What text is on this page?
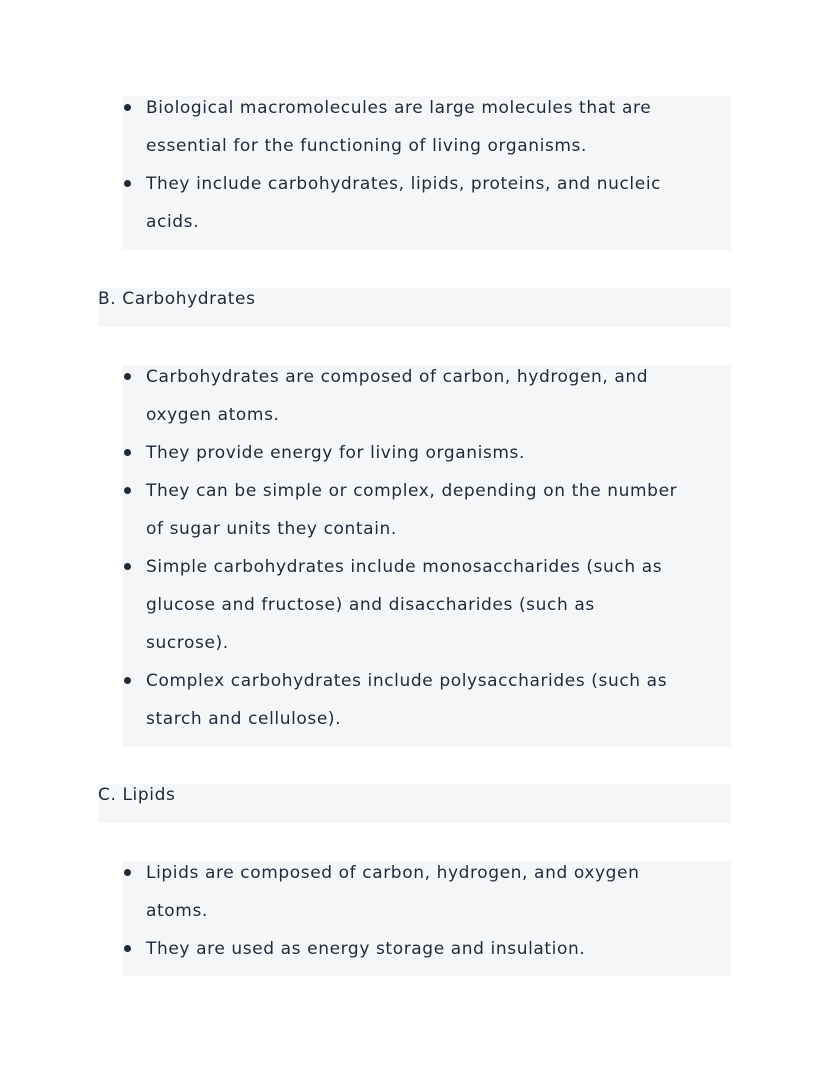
Biological macromolecules are large molecules that are
essential for the functioning of living organisms.
They include carbohydrates, lipids, proteins, and nucleic
acids.
B. Carbohydrates
Carbohydrates are composed of carbon, hydrogen, and
oxygen atoms.
They provide energy for living organisms.
They can be simple or complex, depending on the number
of sugar units they contain.
Simple carbohydrates include monosaccharides (such as
glucose and fructose) and disaccharides (such as
sucrose).
Complex carbohydrates include polysaccharides (such as
starch and cellulose).
C. Lipids
Lipids are composed of carbon, hydrogen, and oxygen
atoms.
They are used as energy storage and insulation.
